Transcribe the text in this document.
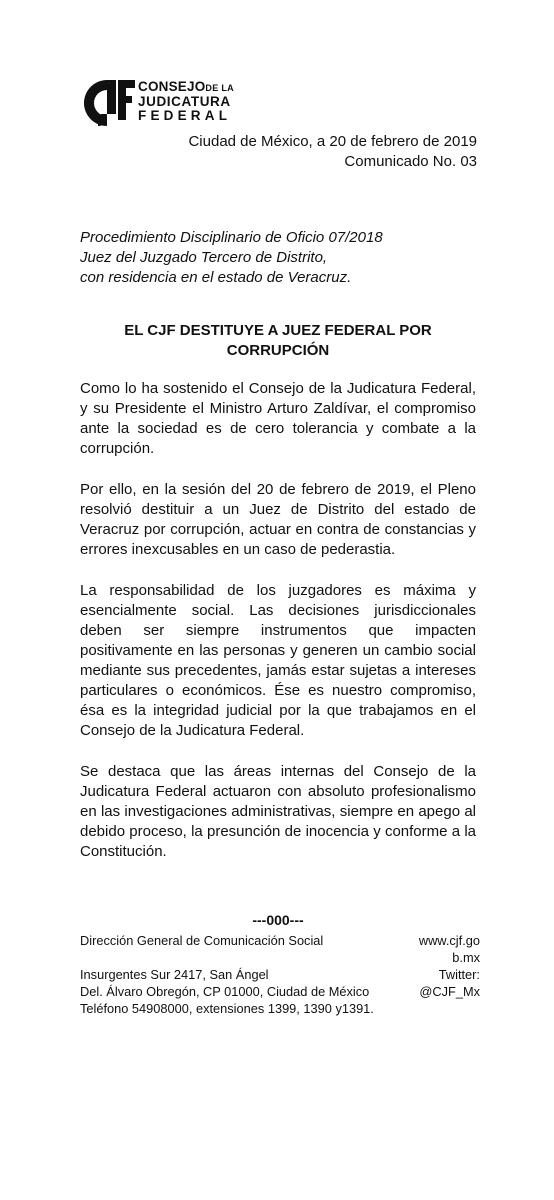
CONSEJODE LA
JUDICATURA
FEDERAL
Ciudad de México, a 20 de febrero de 2019
Comunicado No. 03
Procedimiento Disciplinario de Oficio 07/2018
Juez del Juzgado Tercero de Distrito,
con residencia en el estado de Veracruz.
EL CJF DESTITUYE A JUEZ FEDERAL POR
CORRUPCIÓN

Como lo ha sostenido el Consejo de la Judicatura Federal, y su Presidente el Ministro Arturo Zaldívar, el compromiso ante la sociedad es de cero tolerancia y combate a la corrupción.

Por ello, en la sesión del 20 de febrero de 2019, el Pleno resolvió destituir a un Juez de Distrito del estado de Veracruz por corrupción, actuar en contra de constancias y errores inexcusables en un caso de pederastia.

La responsabilidad de los juzgadores es máxima y esencialmente social. Las decisiones jurisdiccionales deben ser siempre instrumentos que impacten positivamente en las personas y generen un cambio social mediante sus precedentes, jamás estar sujetas a intereses particulares o económicos. Ése es nuestro compromiso, ésa es la integridad judicial por la que trabajamos en el Consejo de la Judicatura Federal.

Se destaca que las áreas internas del Consejo de la Judicatura Federal actuaron con absoluto profesionalismo en las investigaciones administrativas, siempre en apego al debido proceso, la presunción de inocencia y conforme a la Constitución.

---000---
Dirección General de Comunicación Social
Insurgentes Sur 2417, San Ángel
Del. Álvaro Obregón, CP 01000, Ciudad de México
Teléfono 54908000, extensiones 1399, 1390 y1391.
www.cjf.go
b.mx
Twitter:
@CJF_Mx
